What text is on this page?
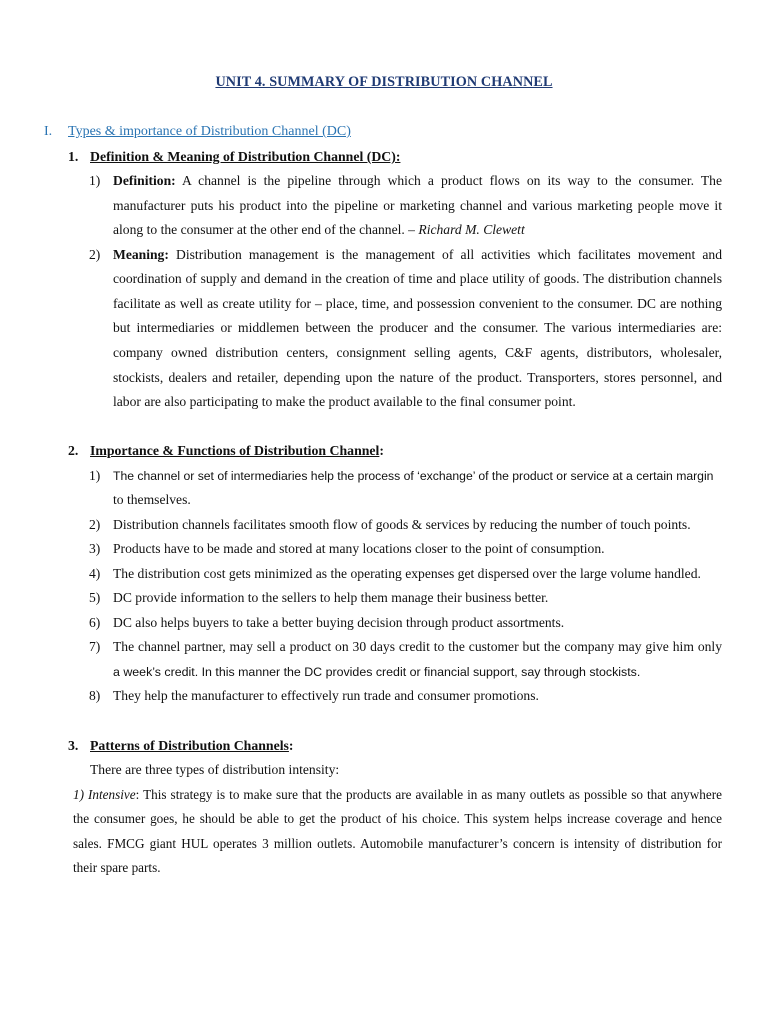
UNIT 4. SUMMARY OF DISTRIBUTION CHANNEL
I. Types & importance of Distribution Channel (DC)
1. Definition & Meaning of Distribution Channel (DC):
1) Definition: A channel is the pipeline through which a product flows on its way to the consumer. The
manufacturer puts his product into the pipeline or marketing channel and various marketing people move it
along to the consumer at the other end of the channel. – Richard M. Clewett
2) Meaning: Distribution management is the management of all activities which facilitates movement and
coordination of supply and demand in the creation of time and place utility of goods. The distribution channels
facilitate as well as create utility for – place, time, and possession convenient to the consumer. DC are nothing
but intermediaries or middlemen between the producer and the consumer. The various intermediaries are:
company owned distribution centers, consignment selling agents, C&F agents, distributors, wholesaler,
stockists, dealers and retailer, depending upon the nature of the product. Transporters, stores personnel, and
labor are also participating to make the product available to the final consumer point.
2. Importance & Functions of Distribution Channel:
1) The channel or set of intermediaries help the process of ‘exchange’ of the product or service at a certain margin
to themselves.
2) Distribution channels facilitates smooth flow of goods & services by reducing the number of touch points.
3) Products have to be made and stored at many locations closer to the point of consumption.
4) The distribution cost gets minimized as the operating expenses get dispersed over the large volume handled.
5) DC provide information to the sellers to help them manage their business better.
6) DC also helps buyers to take a better buying decision through product assortments.
7) The channel partner, may sell a product on 30 days credit to the customer but the company may give him only
a week’s credit. In this manner the DC provides credit or financial support, say through stockists.
8) They help the manufacturer to effectively run trade and consumer promotions.
3. Patterns of Distribution Channels:
There are three types of distribution intensity:
1) Intensive: This strategy is to make sure that the products are available in as many outlets as possible so that anywhere
the consumer goes, he should be able to get the product of his choice. This system helps increase coverage and hence
sales. FMCG giant HUL operates 3 million outlets. Automobile manufacturer’s concern is intensity of distribution for
their spare parts.
